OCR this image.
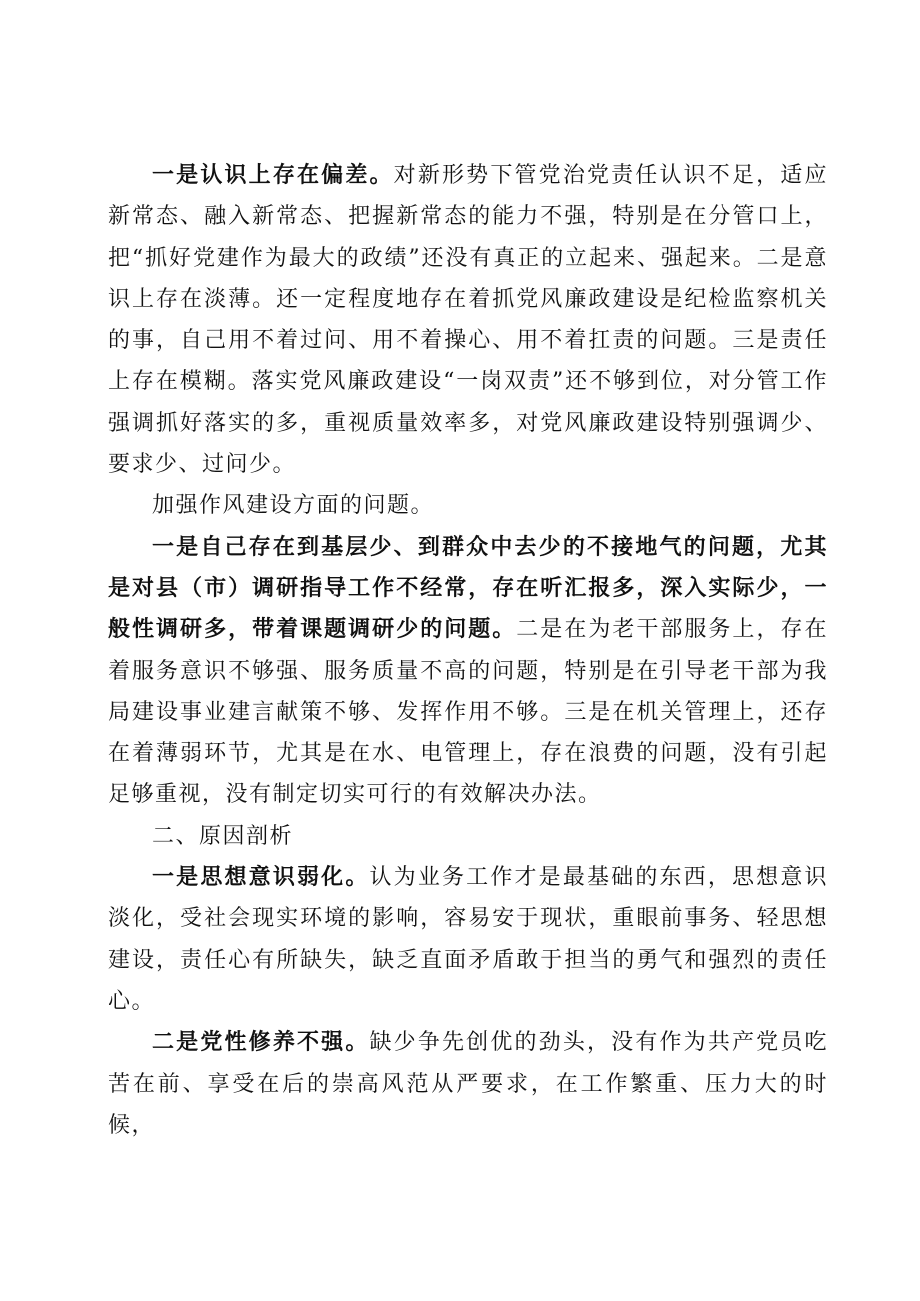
一是认识上存在偏差。对新形势下管党治党责任认识不足，适应新常态、融入新常态、把握新常态的能力不强，特别是在分管口上，把“抓好党建作为最大的政绩”还没有真正的立起来、强起来。二是意识上存在淡薄。还一定程度地存在着抓党风廉政建设是纪检监察机关的事，自己用不着过问、用不着操心、用不着扛责的问题。三是责任上存在模糊。落实党风廉政建设“一岗双责”还不够到位，对分管工作强调抓好落实的多，重视质量效率多，对党风廉政建设特别强调少、要求少、过问少。

加强作风建设方面的问题。

一是自己存在到基层少、到群众中去少的不接地气的问题，尤其是对县（市）调研指导工作不经常，存在听汇报多，深入实际少，一般性调研多，带着课题调研少的问题。二是在为老干部服务上，存在着服务意识不够强、服务质量不高的问题，特别是在引导老干部为我局建设事业建言献策不够、发挥作用不够。三是在机关管理上，还存在着薄弱环节，尤其是在水、电管理上，存在浪费的问题，没有引起足够重视，没有制定切实可行的有效解决办法。

二、原因剖析

一是思想意识弱化。认为业务工作才是最基础的东西，思想意识淡化，受社会现实环境的影响，容易安于现状，重眼前事务、轻思想建设，责任心有所缺失，缺乏直面矛盾敢于担当的勇气和强烈的责任心。

二是党性修养不强。缺少争先创优的劲头，没有作为共产党员吃苦在前、享受在后的崇高风范从严要求，在工作繁重、压力大的时候，
